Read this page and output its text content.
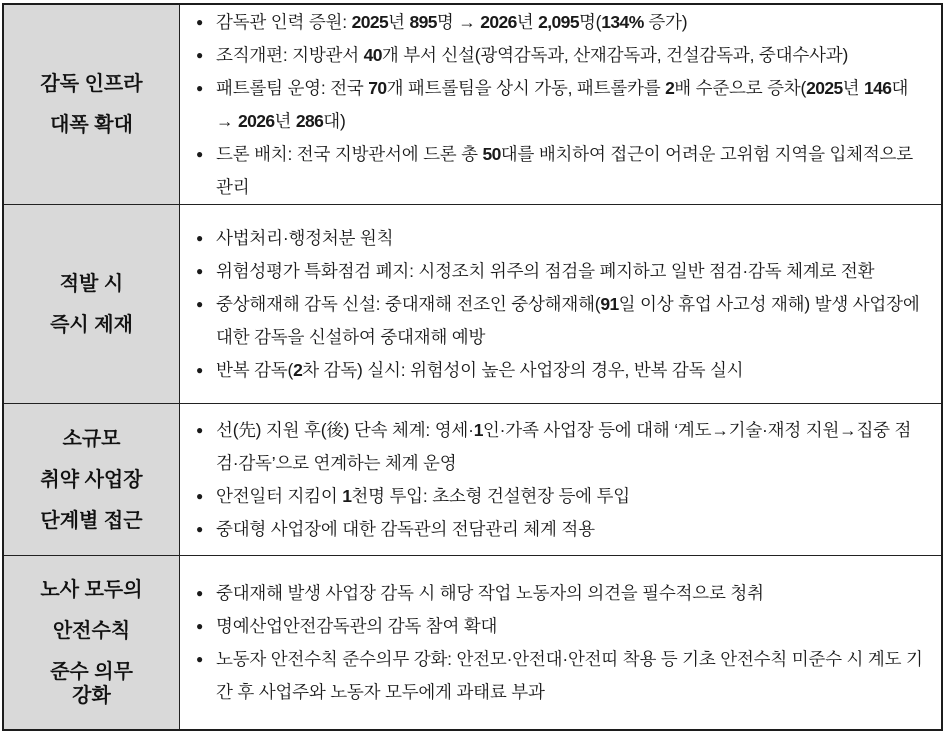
감독 인프라
대폭 확대
● 감독관 인력 증원: 2025년 895명 → 2026년 2,095명(134% 증가)
● 조직개편: 지방관서 40개 부서 신설(광역감독과, 산재감독과, 건설감독과, 중대수사과)
● 패트롤팀 운영: 전국 70개 패트롤팀을 상시 가동, 패트롤카를 2배 수준으로 증차(2025년 146대 → 2026년 286대)
● 드론 배치: 전국 지방관서에 드론 총 50대를 배치하여 접근이 어려운 고위험 지역을 입체적으로 관리
적발 시
즉시 제재
● 사법처리·행정처분 원칙
● 위험성평가 특화점검 폐지: 시정조치 위주의 점검을 폐지하고 일반 점검·감독 체계로 전환
● 중상해재해 감독 신설: 중대재해 전조인 중상해재해(91일 이상 휴업 사고성 재해) 발생 사업장에 대한 감독을 신설하여 중대재해 예방
● 반복 감독(2차 감독) 실시: 위험성이 높은 사업장의 경우, 반복 감독 실시
소규모
취약 사업장
단계별 접근
● 선(先) 지원 후(後) 단속 체계: 영세·1인·가족 사업장 등에 대해 ‘계도→기술·재정 지원→집중 점검·감독’으로 연계하는 체계 운영
● 안전일터 지킴이 1천명 투입: 초소형 건설현장 등에 투입
● 중대형 사업장에 대한 감독관의 전담관리 체계 적용
노사 모두의
안전수칙
준수 의무
강화
● 중대재해 발생 사업장 감독 시 해당 작업 노동자의 의견을 필수적으로 청취
● 명예산업안전감독관의 감독 참여 확대
● 노동자 안전수칙 준수의무 강화: 안전모·안전대·안전띠 착용 등 기초 안전수칙 미준수 시 계도 기간 후 사업주와 노동자 모두에게 과태료 부과
